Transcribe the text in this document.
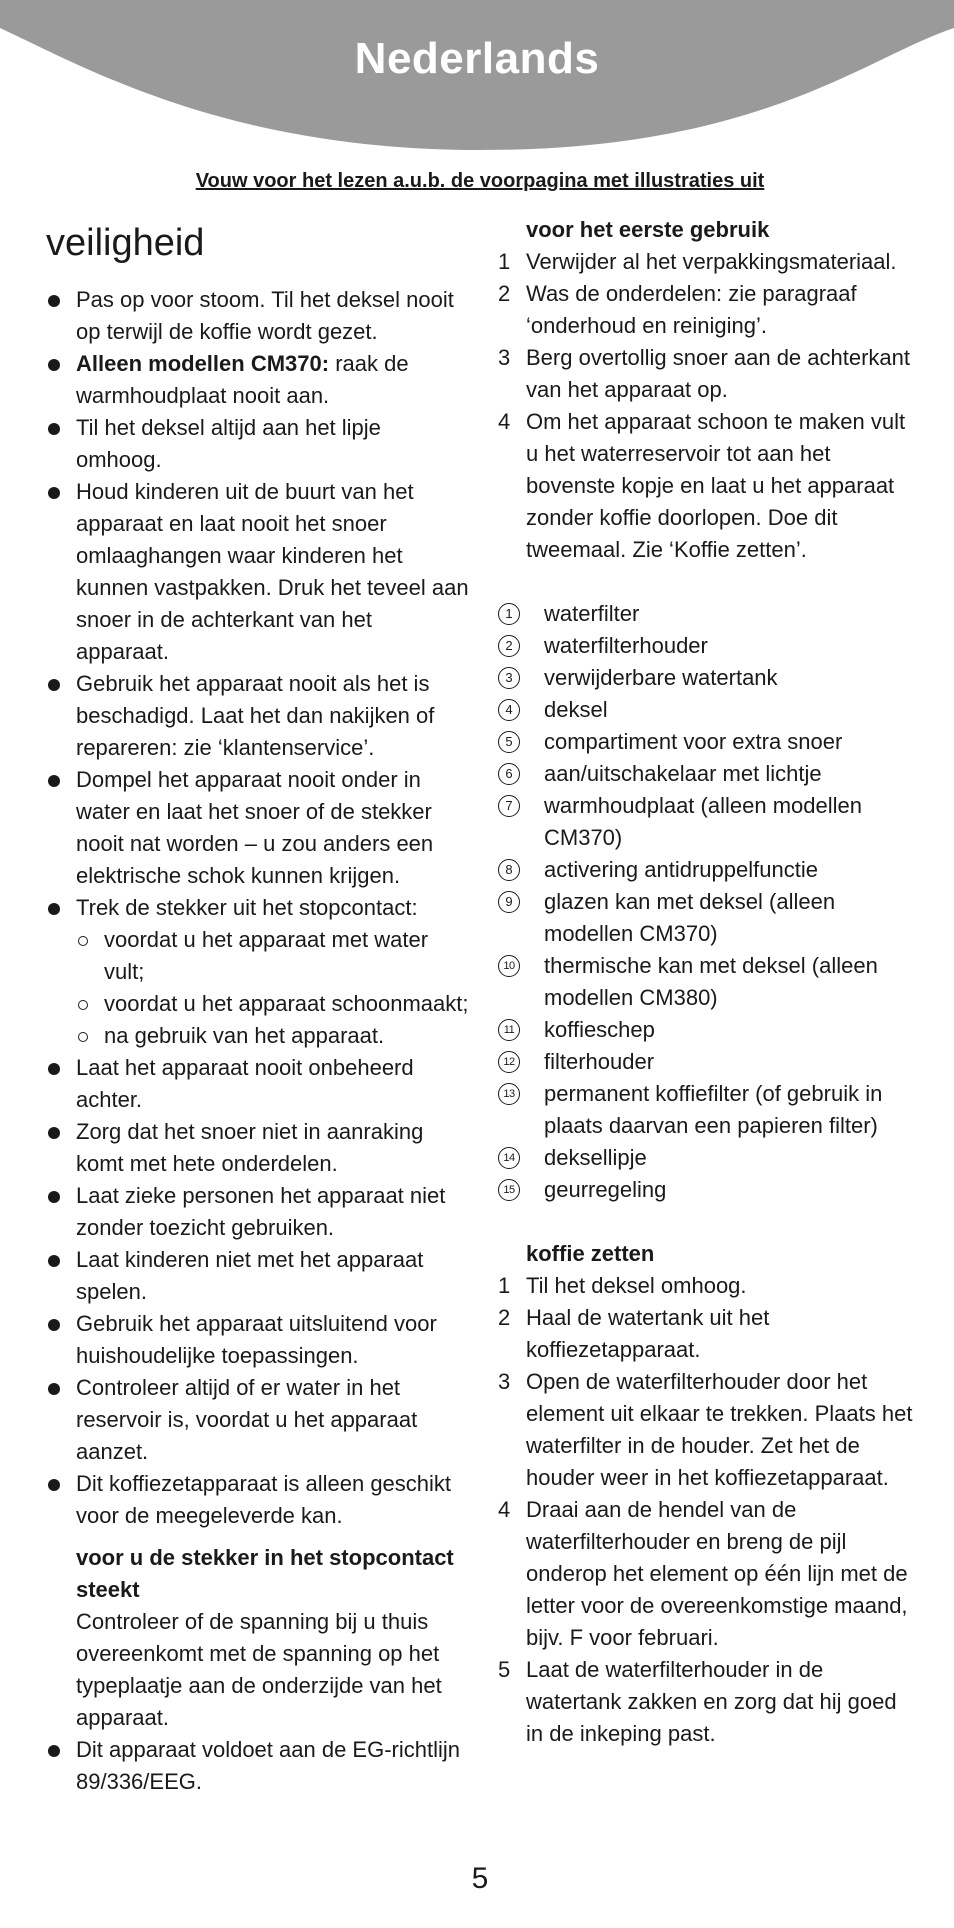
Nederlands
Vouw voor het lezen a.u.b. de voorpagina met illustraties uit
veiligheid
Pas op voor stoom. Til het deksel nooit op terwijl de koffie wordt gezet.
Alleen modellen CM370: raak de warmhoudplaat nooit aan.
Til het deksel altijd aan het lipje omhoog.
Houd kinderen uit de buurt van het apparaat en laat nooit het snoer omlaaghangen waar kinderen het kunnen vastpakken. Druk het teveel aan snoer in de achterkant van het apparaat.
Gebruik het apparaat nooit als het is beschadigd. Laat het dan nakijken of repareren: zie ‘klantenservice’.
Dompel het apparaat nooit onder in water en laat het snoer of de stekker nooit nat worden – u zou anders een elektrische schok kunnen krijgen.
Trek de stekker uit het stopcontact:
voordat u het apparaat met water vult;
voordat u het apparaat schoonmaakt;
na gebruik van het apparaat.
Laat het apparaat nooit onbeheerd achter.
Zorg dat het snoer niet in aanraking komt met hete onderdelen.
Laat zieke personen het apparaat niet zonder toezicht gebruiken.
Laat kinderen niet met het apparaat spelen.
Gebruik het apparaat uitsluitend voor huishoudelijke toepassingen.
Controleer altijd of er water in het reservoir is, voordat u het apparaat aanzet.
Dit koffiezetapparaat is alleen geschikt voor de meegeleverde kan.
voor u de stekker in het stopcontact steekt
Controleer of de spanning bij u thuis overeenkomt met de spanning op het typeplaatje aan de onderzijde van het apparaat.
Dit apparaat voldoet aan de EG-richtlijn 89/336/EEG.
voor het eerste gebruik
1 Verwijder al het verpakkingsmateriaal.
2 Was de onderdelen: zie paragraaf ‘onderhoud en reiniging’.
3 Berg overtollig snoer aan de achterkant van het apparaat op.
4 Om het apparaat schoon te maken vult u het waterreservoir tot aan het bovenste kopje en laat u het apparaat zonder koffie doorlopen. Doe dit tweemaal. Zie ‘Koffie zetten’.
1	waterfilter
2	waterfilterhouder
3	verwijderbare watertank
4	deksel
5	compartiment voor extra snoer
6	aan/uitschakelaar met lichtje
7	warmhoudplaat (alleen modellen CM370)
8	activering antidruppelfunctie
9	glazen kan met deksel (alleen modellen CM370)
10 thermische kan met deksel (alleen modellen CM380)
11 koffieschep
12 filterhouder
13 permanent koffiefilter (of gebruik in plaats daarvan een papieren filter)
14 deksellipje
15 geurregeling
koffie zetten
1 Til het deksel omhoog.
2 Haal de watertank uit het koffiezetapparaat.
3 Open de waterfilterhouder door het element uit elkaar te trekken. Plaats het waterfilter in de houder. Zet het de houder weer in het koffiezetapparaat.
4 Draai aan de hendel van de waterfilterhouder en breng de pijl onderop het element op één lijn met de letter voor de overeenkomstige maand, bijv. F voor februari.
5 Laat de waterfilterhouder in de watertank zakken en zorg dat hij goed in de inkeping past.
5
